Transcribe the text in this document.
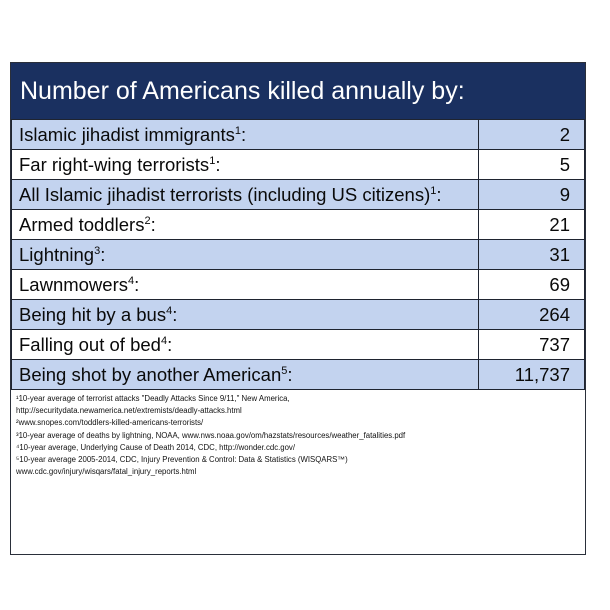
Number of Americans killed annually by:
Islamic jihadist immigrants$^1$:	2
Far right-wing terrorists$^1$:	5
All Islamic jihadist terrorists (including US citizens)$^1$:	9
Armed toddlers$^2$:	21
Lightning$^3$:	31
Lawnmowers$^4$:	69
Being hit by a bus$^4$:	264
Falling out of bed$^4$:	737
Being shot by another American$^5$:	11,737
¹10-year average of terrorist attacks "Deadly Attacks Since 9/11," New America,
http://securitydata.newamerica.net/extremists/deadly-attacks.html
²www.snopes.com/toddlers-killed-americans-terrorists/
³10-year average of deaths by lightning, NOAA, www.nws.noaa.gov/om/hazstats/resources/weather_fatalities.pdf
⁴10-year average, Underlying Cause of Death 2014, CDC, http://wonder.cdc.gov/
⁵10-year average 2005-2014, CDC, Injury Prevention & Control: Data & Statistics (WISQARS™)
www.cdc.gov/injury/wisqars/fatal_injury_reports.html
